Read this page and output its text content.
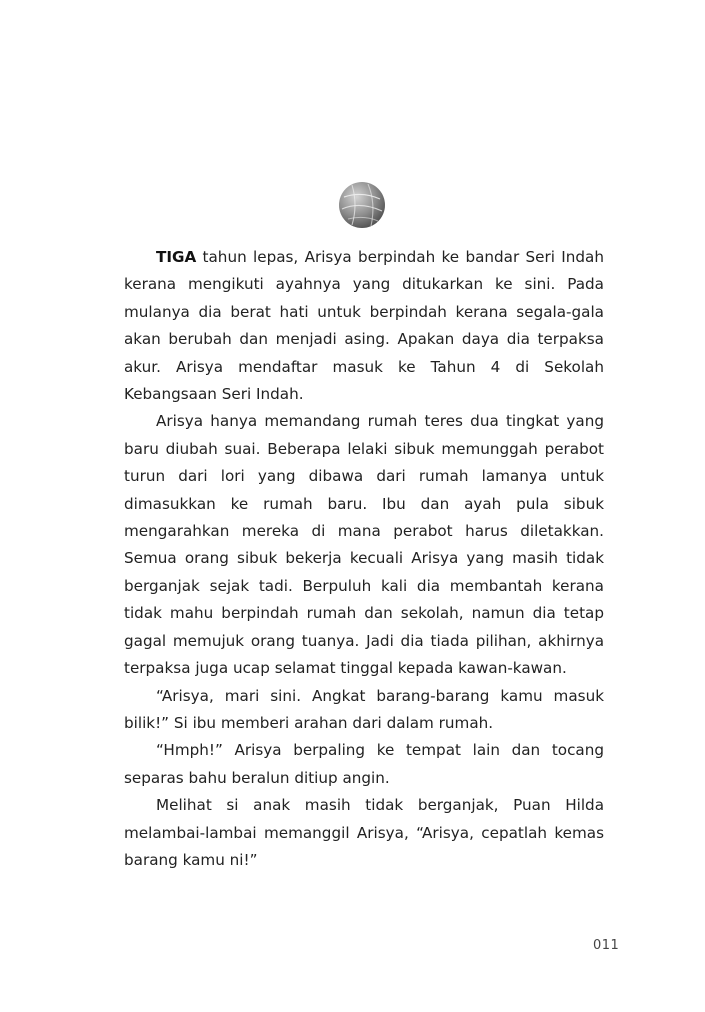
TIGA tahun lepas, Arisya berpindah ke bandar Seri Indah kerana mengikuti ayahnya yang ditukarkan ke sini. Pada mulanya dia berat hati untuk berpindah kerana segala-gala akan berubah dan menjadi asing. Apakan daya dia terpaksa akur. Arisya mendaftar masuk ke Tahun 4 di Sekolah Kebangsaan Seri Indah.

Arisya hanya memandang rumah teres dua tingkat yang baru diubah suai. Beberapa lelaki sibuk memunggah perabot turun dari lori yang dibawa dari rumah lamanya untuk dimasukkan ke rumah baru. Ibu dan ayah pula sibuk mengarahkan mereka di mana perabot harus diletakkan. Semua orang sibuk bekerja kecuali Arisya yang masih tidak berganjak sejak tadi. Berpuluh kali dia membantah kerana tidak mahu berpindah rumah dan sekolah, namun dia tetap gagal memujuk orang tuanya. Jadi dia tiada pilihan, akhirnya terpaksa juga ucap selamat tinggal kepada kawan-kawan.

“Arisya, mari sini. Angkat barang-barang kamu masuk bilik!” Si ibu memberi arahan dari dalam rumah.

“Hmph!” Arisya berpaling ke tempat lain dan tocang separas bahu beralun ditiup angin.

Melihat si anak masih tidak berganjak, Puan Hilda melambai-lambai memanggil Arisya, “Arisya, cepatlah kemas barang kamu ni!”

011
